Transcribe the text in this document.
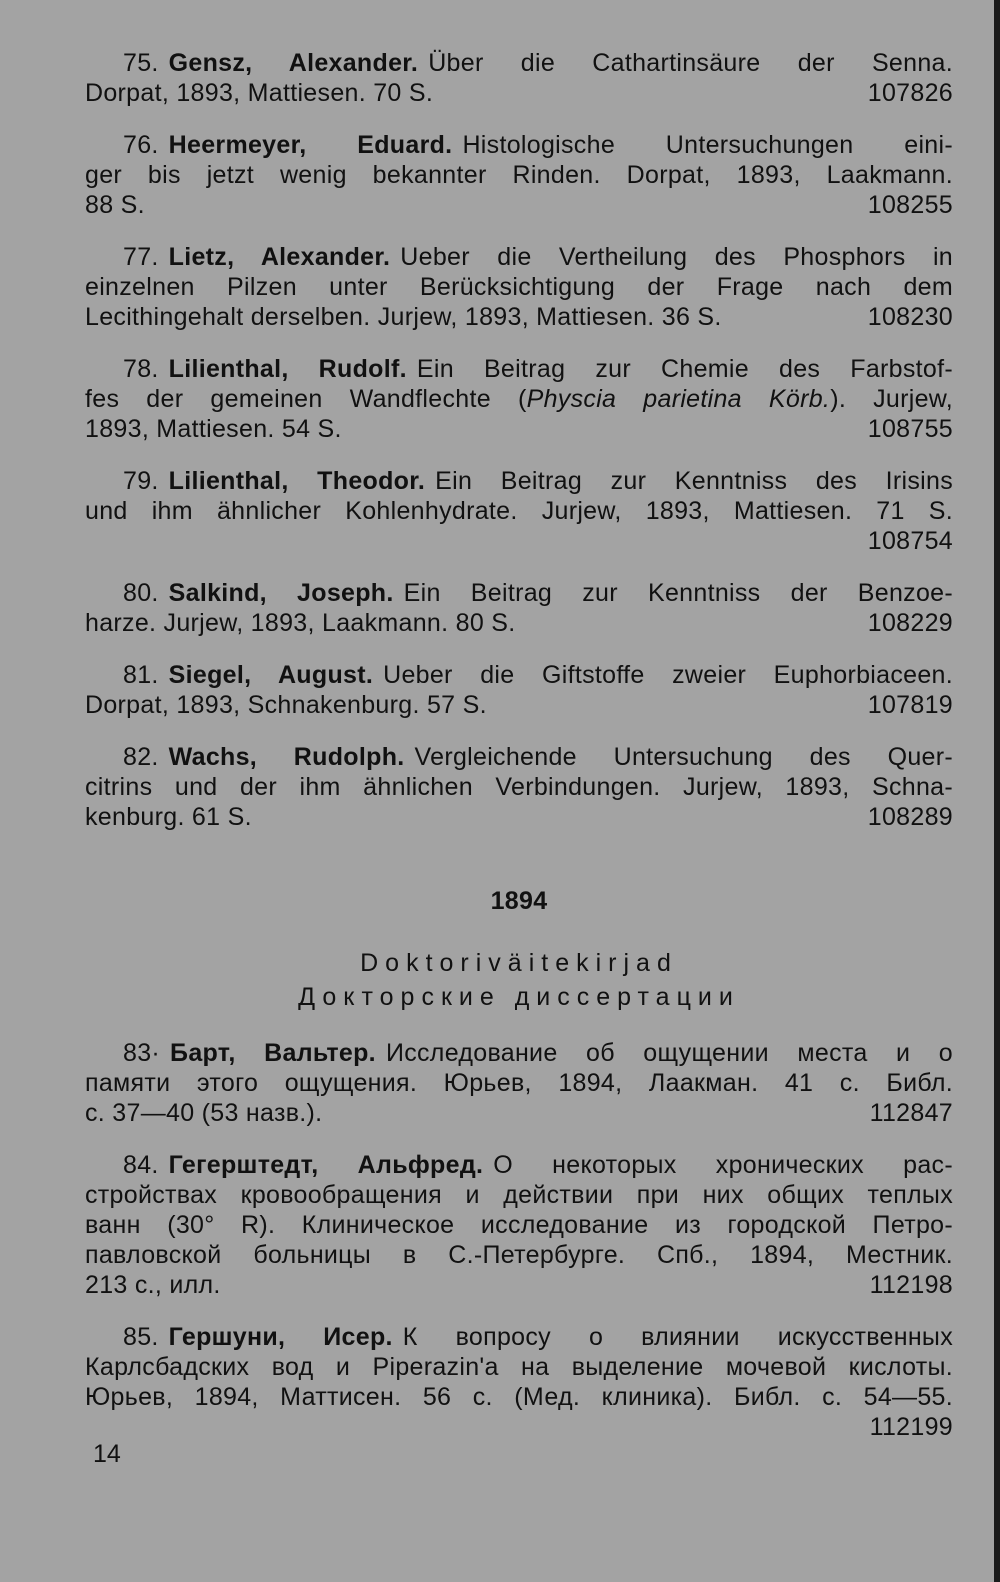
75. Gensz, Alexander. Über die Cathartinsäure der Senna.
Dorpat, 1893, Mattiesen. 70 S.	107826
76. Heermeyer, Eduard. Histologische Untersuchungen eini-
ger bis jetzt wenig bekannter Rinden. Dorpat, 1893, Laakmann.
88 S.	108255
77. Lietz, Alexander. Ueber die Vertheilung des Phosphors in
einzelnen Pilzen unter Berücksichtigung der Frage nach dem
Lecithingehalt derselben. Jurjew, 1893, Mattiesen. 36 S.	108230
78. Lilienthal, Rudolf. Ein Beitrag zur Chemie des Farbstof-
fes der gemeinen Wandflechte (Physcia parietina Körb.). Jurjew,
1893, Mattiesen. 54 S.	108755
79. Lilienthal, Theodor. Ein Beitrag zur Kenntniss des Irisins
und ihm ähnlicher Kohlenhydrate. Jurjew, 1893, Mattiesen. 71 S.
108754
80. Salkind, Joseph. Ein Beitrag zur Kenntniss der Benzoe-
harze. Jurjew, 1893, Laakmann. 80 S.	108229
81. Siegel, August. Ueber die Giftstoffe zweier Euphorbiaceen.
Dorpat, 1893, Schnakenburg. 57 S.	107819
82. Wachs, Rudolph. Vergleichende Untersuchung des Quer-
citrins und der ihm ähnlichen Verbindungen. Jurjew, 1893, Schna-
kenburg. 61 S.	108289
1894
Doktoriväitekirjad
Докторские диссертации
83· Барт, Вальтер. Исследование об ощущении места и о
памяти этого ощущения. Юрьев, 1894, Лаакман. 41 с. Библ.
с. 37—40 (53 назв.).	112847
84. Гегерштедт, Альфред. О некоторых хронических рас-
стройствах кровообращения и действии при них общих теплых
ванн (30° R). Клиническое исследование из городской Петро-
павловской больницы в С.-Петербурге. Спб., 1894, Местник.
213 с., илл.	112198
85. Гершуни, Исер. К вопросу о влиянии искусственных
Карлсбадских вод и Piperazin'a на выделение мочевой кислоты.
Юрьев, 1894, Маттисен. 56 с. (Мед. клиника). Библ. с. 54—55.
112199
14
